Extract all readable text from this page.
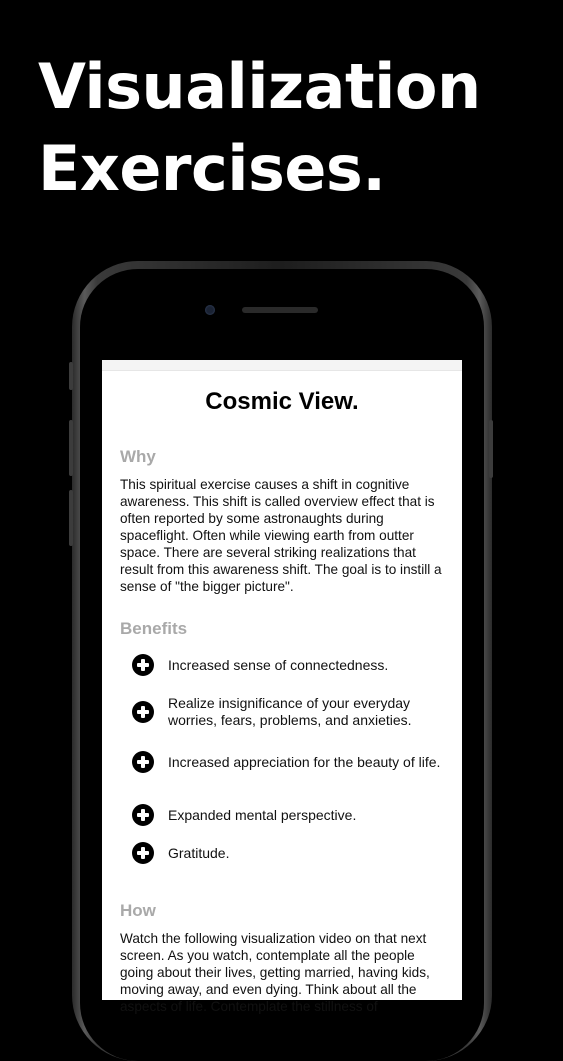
Visualization
Exercises.
Cosmic View.
Why

This spiritual exercise causes a shift in cognitive awareness. This shift is called overview effect that is often reported by some astronaughts during spaceflight. Often while viewing earth from outter space. There are several striking realizations that result from this awareness shift. The goal is to instill a sense of "the bigger picture".

Benefits
Increased sense of connectedness.
Realize insignificance of your everyday worries, fears, problems, and anxieties.
Increased appreciation for the beauty of life.
Expanded mental perspective.
Gratitude.
How

Watch the following visualization video on that next screen. As you watch, contemplate all the people going about their lives, getting married, having kids, moving away, and even dying. Think about all the aspects of life. Contemplate the stillness of
